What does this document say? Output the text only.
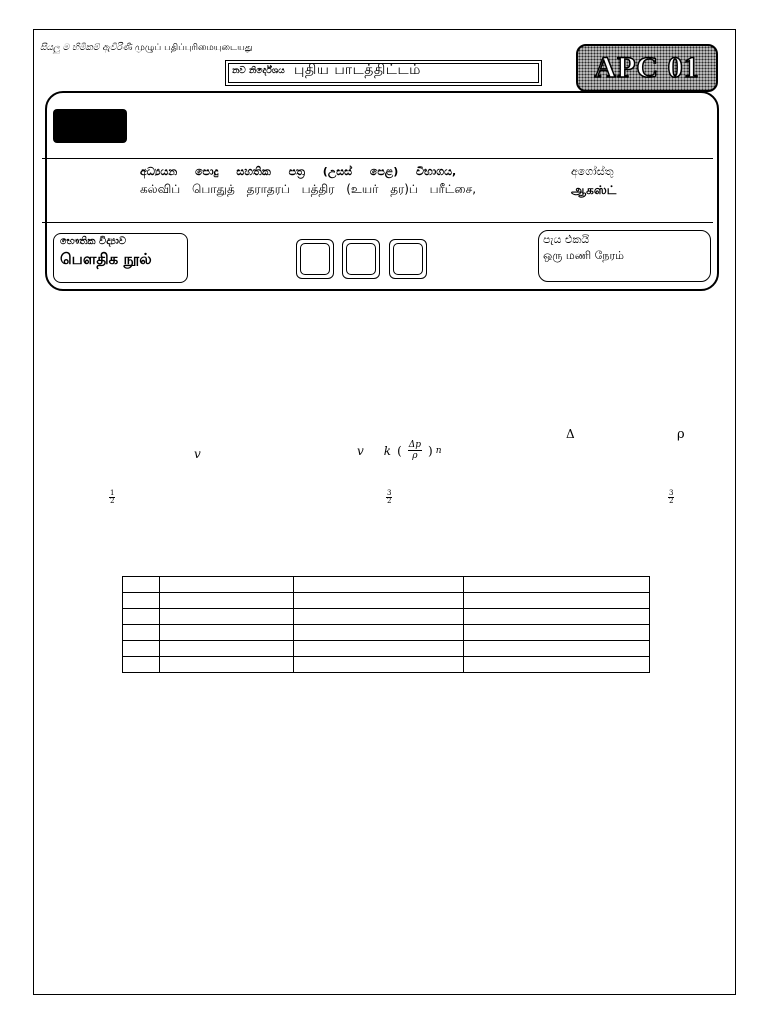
සියලු ම හිමිකම් ඇවිරිණි முழுப் பதிப்புரிமையுடையது
නව නිර්දේශය புதிய பாடத்திட்டம்	APC 01
අධ්‍යයන පොදු සහතික පත්‍ර (උසස් පෙළ) විභාගය,
கல்விப் பொதுத் தராதரப் பத்திர (உயர் தர)ப் பரீட்சை,
අගෝස්තු
ஆகஸ்ட்
භෞතික විද්‍යාව
பௌதிக நூல்
පැය එකයි
ஒரு மணி நேரம்
Δ	ρ
v	v k ( $\frac{\Delta p}{\rho}$ ) n
$\frac{1}{2}$	$\frac{3}{2}$	$\frac{3}{2}$
